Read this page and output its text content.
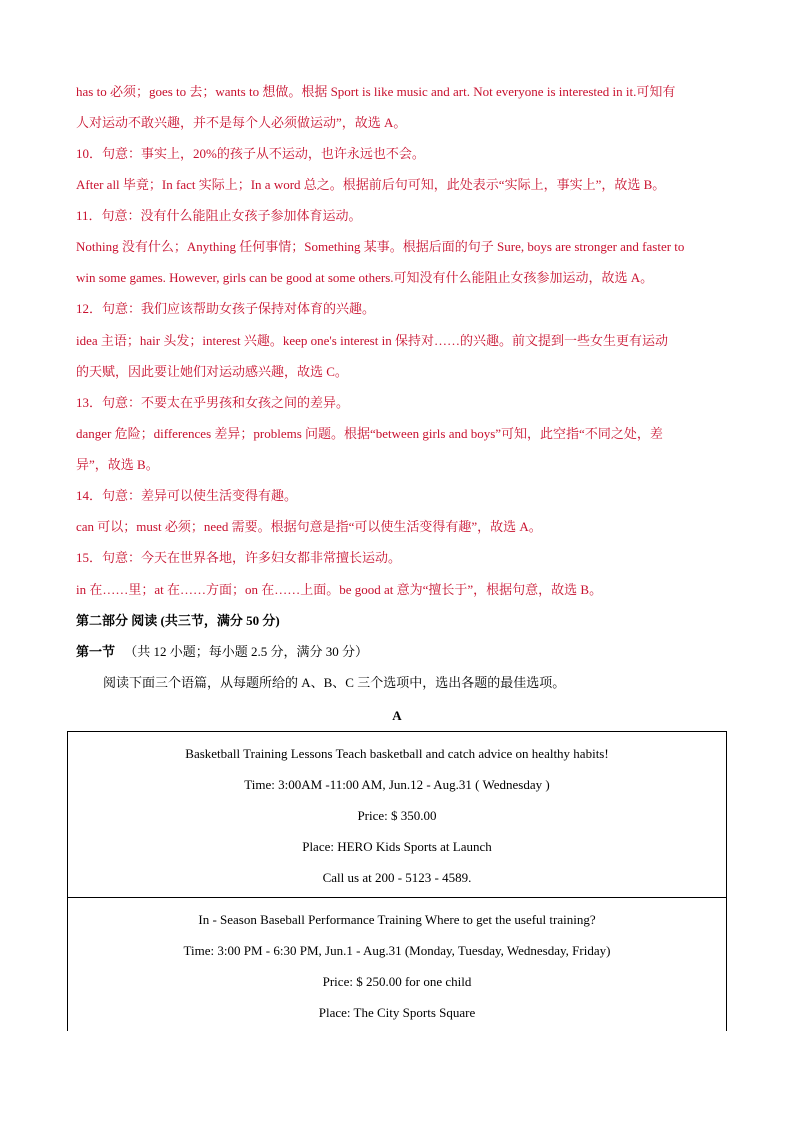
has to 必须；goes to 去；wants to 想做。根据 Sport is like music and art. Not everyone is interested in it.可知有
人对运动不敢兴趣，并不是每个人必须做运动”，故选 A。
10．句意：事实上，20%的孩子从不运动，也许永远也不会。
After all 毕竟；In fact 实际上；In a word 总之。根据前后句可知，此处表示“实际上，事实上”，故选 B。
11．句意：没有什么能阻止女孩子参加体育运动。
Nothing 没有什么；Anything 任何事情；Something 某事。根据后面的句子 Sure, boys are stronger and faster to
win some games. However, girls can be good at some others.可知没有什么能阻止女孩参加运动，故选 A。
12．句意：我们应该帮助女孩子保持对体育的兴趣。
idea 主语；hair 头发；interest 兴趣。keep one's interest in 保持对……的兴趣。前文提到一些女生更有运动
的天赋，因此要让她们对运动感兴趣，故选 C。
13．句意：不要太在乎男孩和女孩之间的差异。
danger 危险；differences 差异；problems 问题。根据“between girls and boys”可知，此空指“不同之处，差
异”，故选 B。
14．句意：差异可以使生活变得有趣。
can 可以；must 必须；need 需要。根据句意是指“可以使生活变得有趣”，故选 A。
15．句意：今天在世界各地，许多妇女都非常擅长运动。
in 在……里；at 在……方面；on 在……上面。be good at 意为“擅长于”，根据句意，故选 B。
第二部分 阅读 (共三节，满分 50 分)
第一节 （共 12 小题；每小题 2.5 分，满分 30 分）
阅读下面三个语篇，从每题所给的 A、B、C 三个选项中，选出各题的最佳选项。
A
Basketball Training Lessons Teach basketball and catch advice on healthy habits!
Time: 3:00AM -11:00 AM, Jun.12 - Aug.31 ( Wednesday )
Price: $ 350.00
Place: HERO Kids Sports at Launch
Call us at 200 - 5123 - 4589.
In - Season Baseball Performance Training Where to get the useful training?
Time: 3:00 PM - 6:30 PM, Jun.1 - Aug.31 (Monday, Tuesday, Wednesday, Friday)
Price: $ 250.00 for one child
Place: The City Sports Square
